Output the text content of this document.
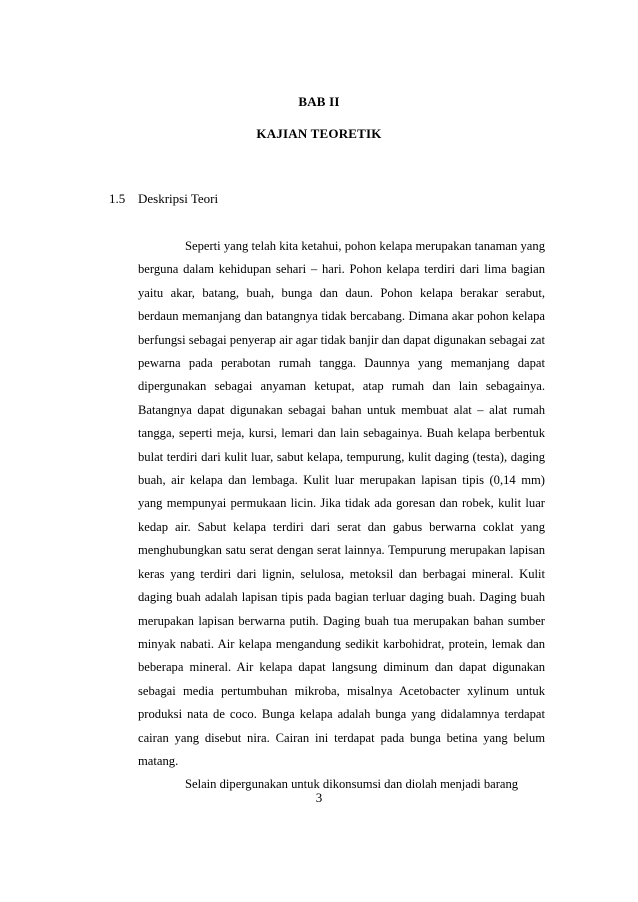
BAB II
KAJIAN TEORETIK
1.5 Deskripsi Teori

Seperti yang telah kita ketahui, pohon kelapa merupakan tanaman yang berguna dalam kehidupan sehari – hari. Pohon kelapa terdiri dari lima bagian yaitu akar, batang, buah, bunga dan daun. Pohon kelapa berakar serabut, berdaun memanjang dan batangnya tidak bercabang. Dimana akar pohon kelapa berfungsi sebagai penyerap air agar tidak banjir dan dapat digunakan sebagai zat pewarna pada perabotan rumah tangga. Daunnya yang memanjang dapat dipergunakan sebagai anyaman ketupat, atap rumah dan lain sebagainya. Batangnya dapat digunakan sebagai bahan untuk membuat alat – alat rumah tangga, seperti meja, kursi, lemari dan lain sebagainya. Buah kelapa berbentuk bulat terdiri dari kulit luar, sabut kelapa, tempurung, kulit daging (testa), daging buah, air kelapa dan lembaga. Kulit luar merupakan lapisan tipis (0,14 mm) yang mempunyai permukaan licin. Jika tidak ada goresan dan robek, kulit luar kedap air. Sabut kelapa terdiri dari serat dan gabus berwarna coklat yang menghubungkan satu serat dengan serat lainnya. Tempurung merupakan lapisan keras yang terdiri dari lignin, selulosa, metoksil dan berbagai mineral. Kulit daging buah adalah lapisan tipis pada bagian terluar daging buah. Daging buah merupakan lapisan berwarna putih. Daging buah tua merupakan bahan sumber minyak nabati. Air kelapa mengandung sedikit karbohidrat, protein, lemak dan beberapa mineral. Air kelapa dapat langsung diminum dan dapat digunakan sebagai media pertumbuhan mikroba, misalnya Acetobacter xylinum untuk produksi nata de coco. Bunga kelapa adalah bunga yang didalamnya terdapat cairan yang disebut nira. Cairan ini terdapat pada bunga betina yang belum matang.

Selain dipergunakan untuk dikonsumsi dan diolah menjadi barang

3
